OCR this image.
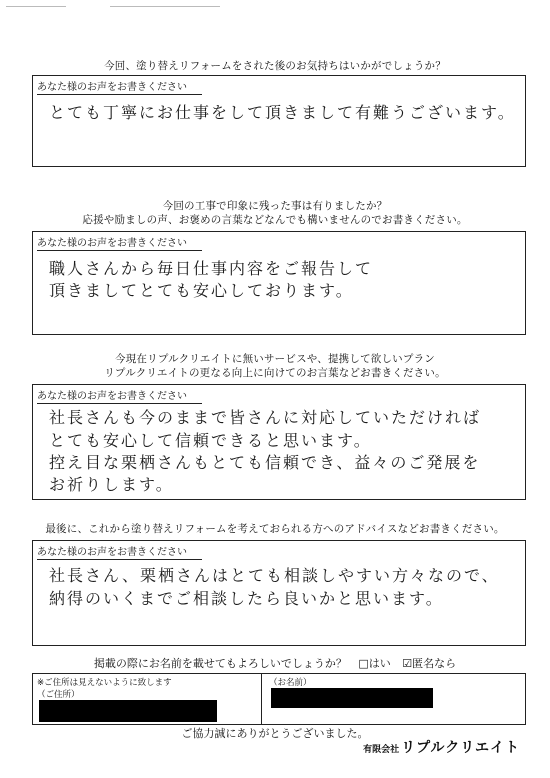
今回、塗り替えリフォームをされた後のお気持ちはいかがでしょうか？
あなた様のお声をお書きください
とても丁寧にお仕事をして頂きまして有難うございます。
今回の工事で印象に残った事は有りましたか？
応援や励ましの声、お褒めの言葉などなんでも構いませんのでお書きください。
あなた様のお声をお書きください
職人さんから毎日仕事内容をご報告して
頂きましてとても安心しております。
今現在リプルクリエイトに無いサービスや、提携して欲しいプラン
リプルクリエイトの更なる向上に向けてのお言葉などお書きください。
あなた様のお声をお書きください
社長さんも今のままで皆さんに対応していただければ
とても安心して信頼できると思います。
控え目な栗栖さんもとても信頼でき、益々のご発展を
お祈りします。
最後に、これから塗り替えリフォームを考えておられる方へのアドバイスなどお書きください。
あなた様のお声をお書きください
社長さん、栗栖さんはとても相談しやすい方々なので、
納得のいくまでご相談したら良いかと思います。
掲載の際にお名前を載せてもよろしいでしょうか？ □はい ☑匿名なら
※ご住所は見えないように致します
（ご住所）
（お名前）
ご協力誠にありがとうございました。
有限会社 リプルクリエイト
